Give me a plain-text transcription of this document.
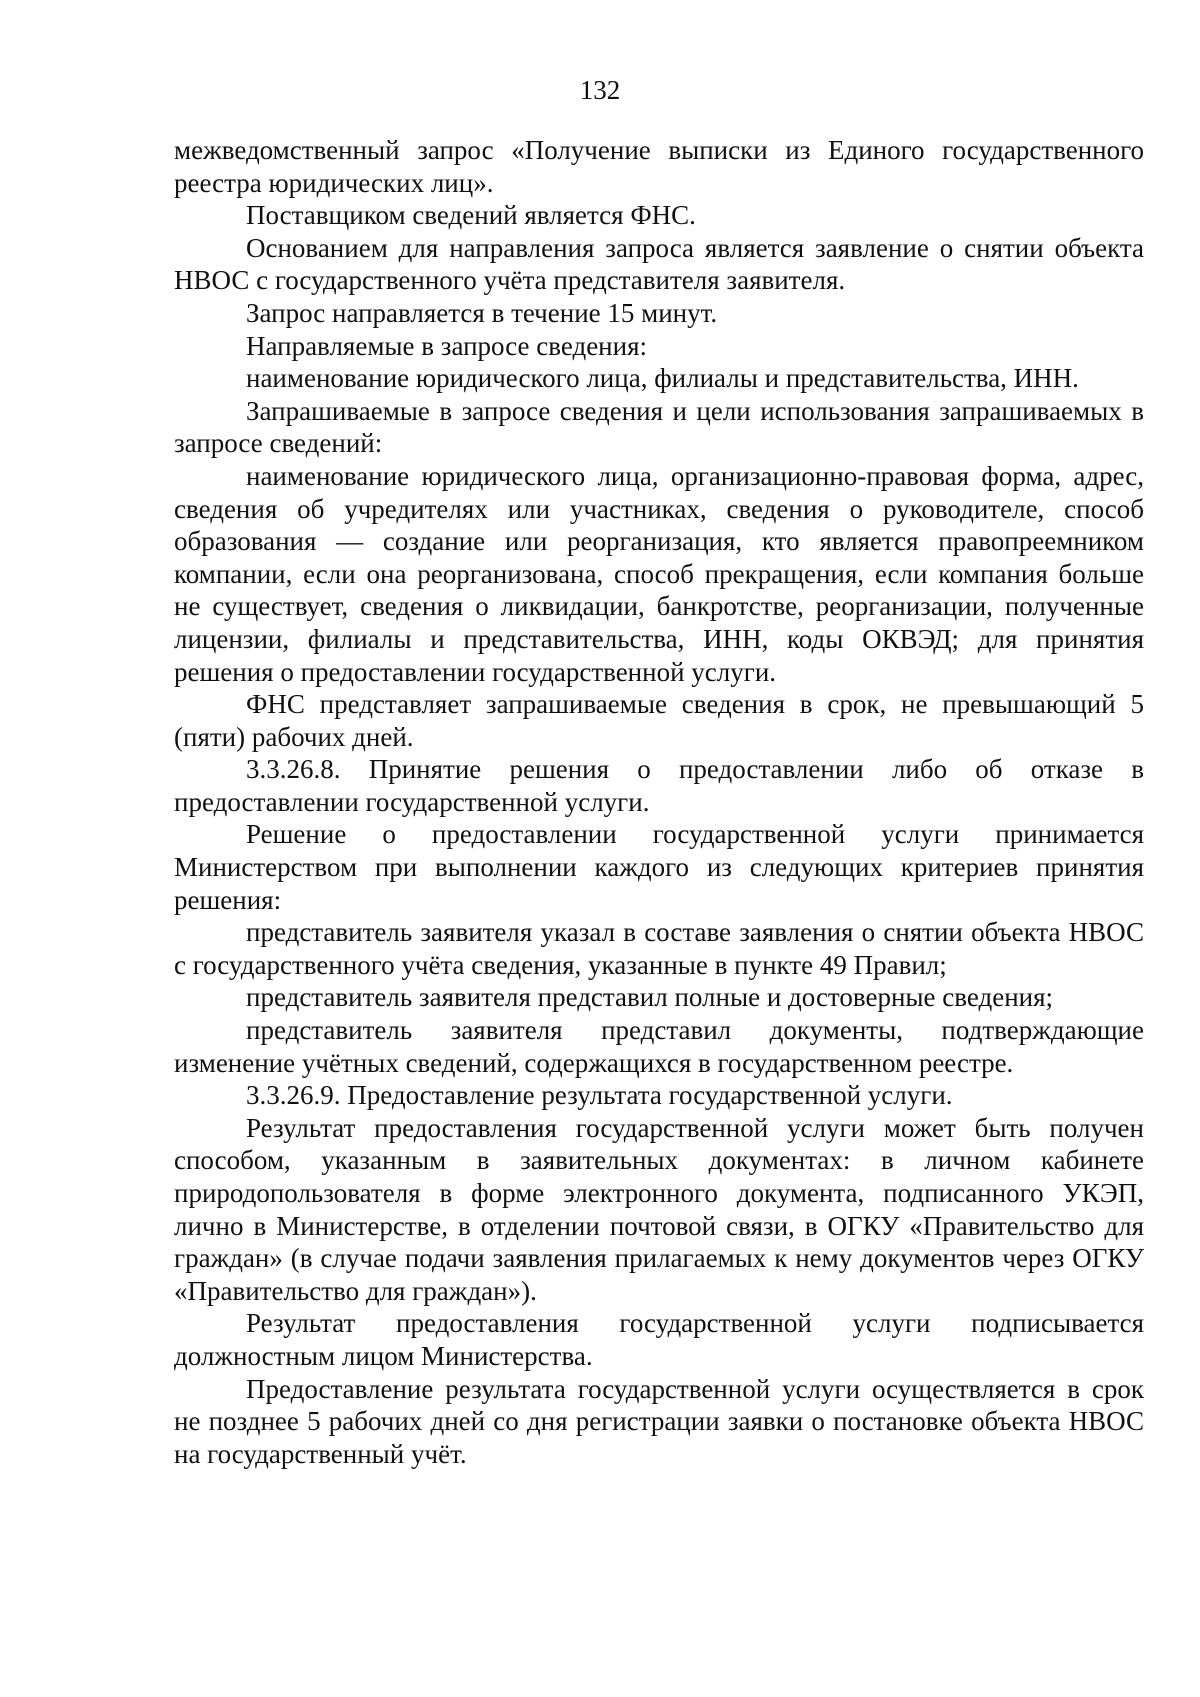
132

межведомственный запрос «Получение выписки из Единого государственного реестра юридических лиц».

Поставщиком сведений является ФНС.

Основанием для направления запроса является заявление о снятии объекта НВОС с государственного учёта представителя заявителя.

Запрос направляется в течение 15 минут.

Направляемые в запросе сведения:

наименование юридического лица, филиалы и представительства, ИНН.

Запрашиваемые в запросе сведения и цели использования запрашиваемых в запросе сведений:

наименование юридического лица, организационно-правовая форма, адрес, сведения об учредителях или участниках, сведения о руководителе, способ образования — создание или реорганизация, кто является правопреемником компании, если она реорганизована, способ прекращения, если компания больше не существует, сведения о ликвидации, банкротстве, реорганизации, полученные лицензии, филиалы и представительства, ИНН, коды ОКВЭД; для принятия решения о предоставлении государственной услуги.

ФНС представляет запрашиваемые сведения в срок, не превышающий 5 (пяти) рабочих дней.

3.3.26.8. Принятие решения о предоставлении либо об отказе в предоставлении государственной услуги.

Решение о предоставлении государственной услуги принимается Министерством при выполнении каждого из следующих критериев принятия решения:

представитель заявителя указал в составе заявления о снятии объекта НВОС с государственного учёта сведения, указанные в пункте 49 Правил;

представитель заявителя представил полные и достоверные сведения;

представитель заявителя представил документы, подтверждающие изменение учётных сведений, содержащихся в государственном реестре.

3.3.26.9. Предоставление результата государственной услуги.

Результат предоставления государственной услуги может быть получен способом, указанным в заявительных документах: в личном кабинете природопользователя в форме электронного документа, подписанного УКЭП, лично в Министерстве, в отделении почтовой связи, в ОГКУ «Правительство для граждан» (в случае подачи заявления прилагаемых к нему документов через ОГКУ «Правительство для граждан»).

Результат предоставления государственной услуги подписывается должностным лицом Министерства.

Предоставление результата государственной услуги осуществляется в срок не позднее 5 рабочих дней со дня регистрации заявки о постановке объекта НВОС на государственный учёт.
